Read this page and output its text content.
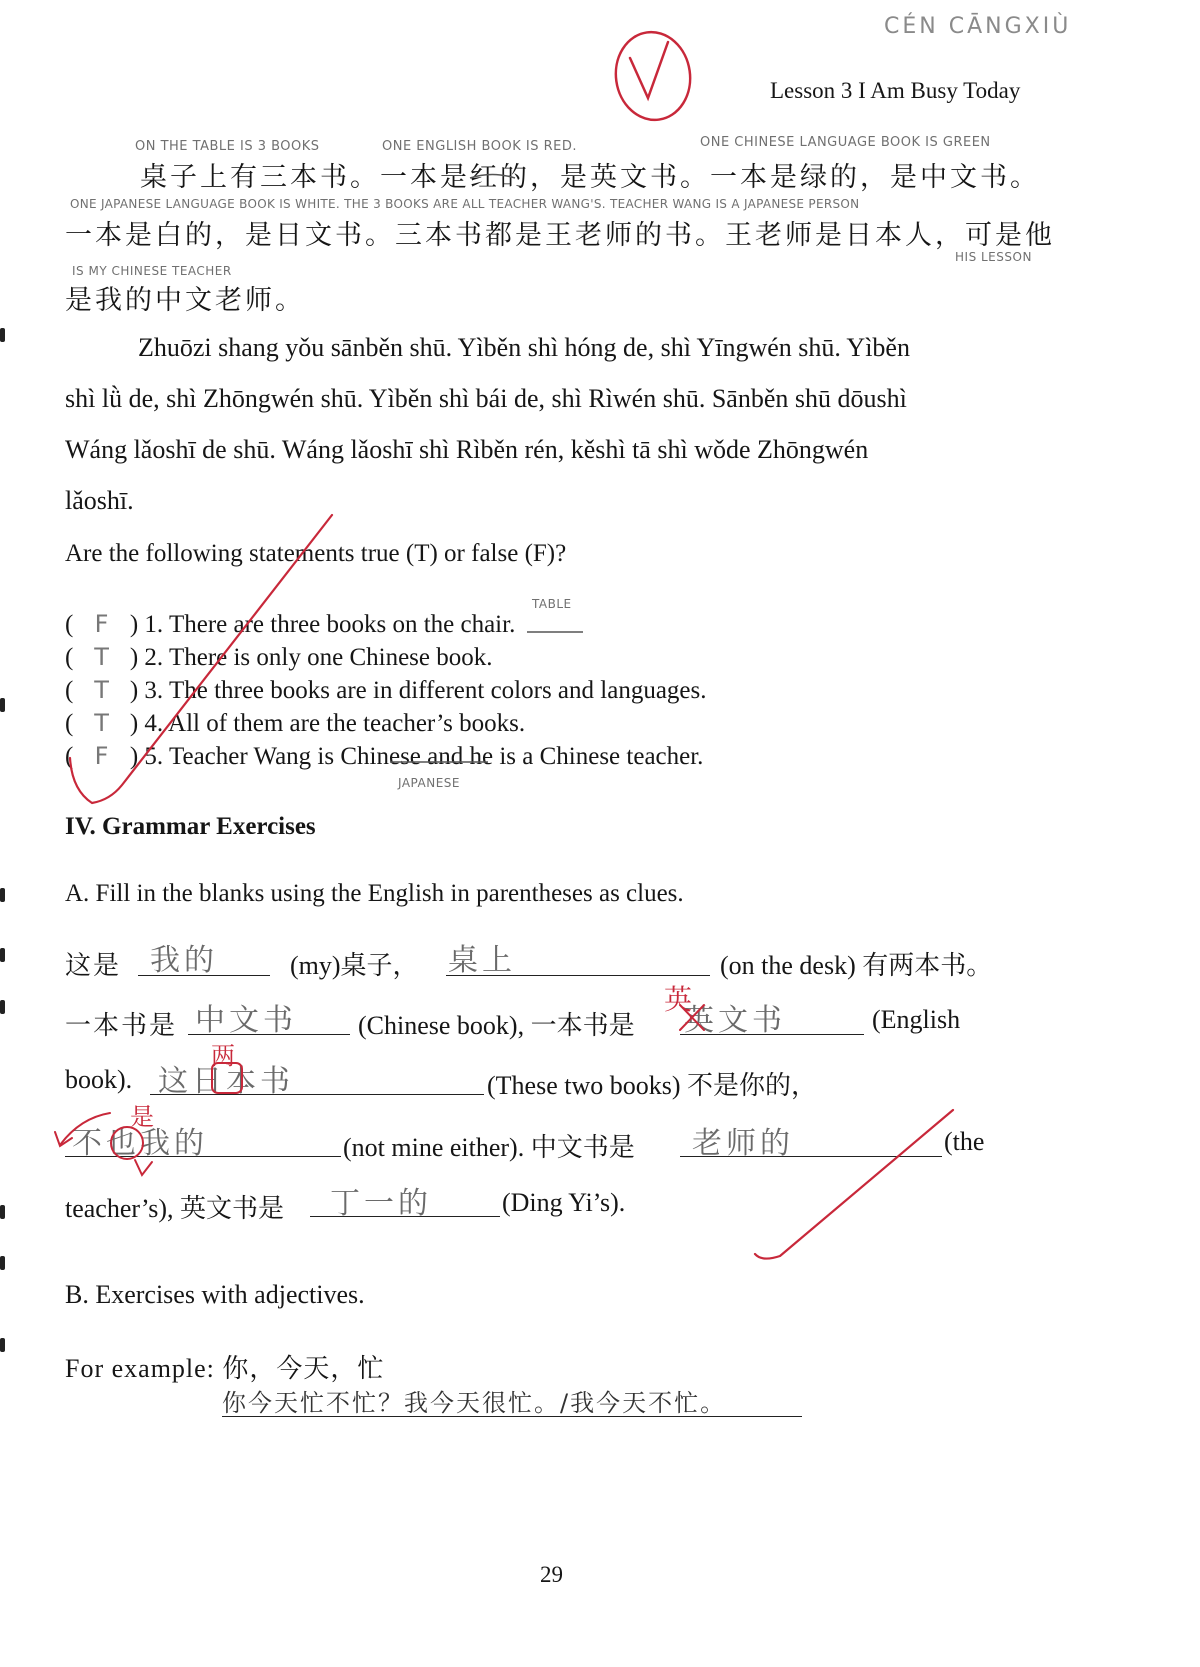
CÉN CĀNGXIÙ
Lesson 3 I Am Busy Today
ON THE TABLE IS 3 BOOKS	ONE ENGLISH BOOK IS RED.	ONE CHINESE LANGUAGE BOOK IS GREEN
桌子上有三本书。一本是红的，是英文书。一本是绿的，是中文书。
ONE JAPANESE LANGUAGE BOOK IS WHITE. THE 3 BOOKS ARE ALL TEACHER WANG'S. TEACHER WANG IS A JAPANESE PERSON
一本是白的，是日文书。三本书都是王老师的书。王老师是日本人，可是他
HIS LESSON
IS MY CHINESE TEACHER
是我的中文老师。
Zhuōzi shang yǒu sānběn shū. Yìběn shì hóng de, shì Yīngwén shū. Yìběn
shì lǜ de, shì Zhōngwén shū. Yìběn shì bái de, shì Rìwén shū. Sānběn shū dōushì
Wáng lǎoshī de shū. Wáng lǎoshī shì Rìběn rén, kěshì tā shì wǒde Zhōngwén
lǎoshī.
Are the following statements true (T) or false (F)?
TABLE
( F ) 1. There are three books on the chair.
( T ) 2. There is only one Chinese book.
( T ) 3. The three books are in different colors and languages.
( T ) 4. All of them are the teacher’s books.
( F ) 5. Teacher Wang is Chinese and he is a Chinese teacher.
JAPANESE
IV. Grammar Exercises
A. Fill in the blanks using the English in parentheses as clues.
这是 我的	(my)桌子， 桌上	(on the desk) 有两本书。
一本书是 中文书 (Chinese book), 一本书是
英
英文书	(English
book).
两
这日本书	(These two books) 不是你的，
是
不也我的	(not mine either). 中文书是 老师的	(the
teacher’s), 英文书是 丁一的	(Ding Yi’s).
B. Exercises with adjectives.
For example: 你，今天，忙
你今天忙不忙？我今天很忙。/我今天不忙。
29
